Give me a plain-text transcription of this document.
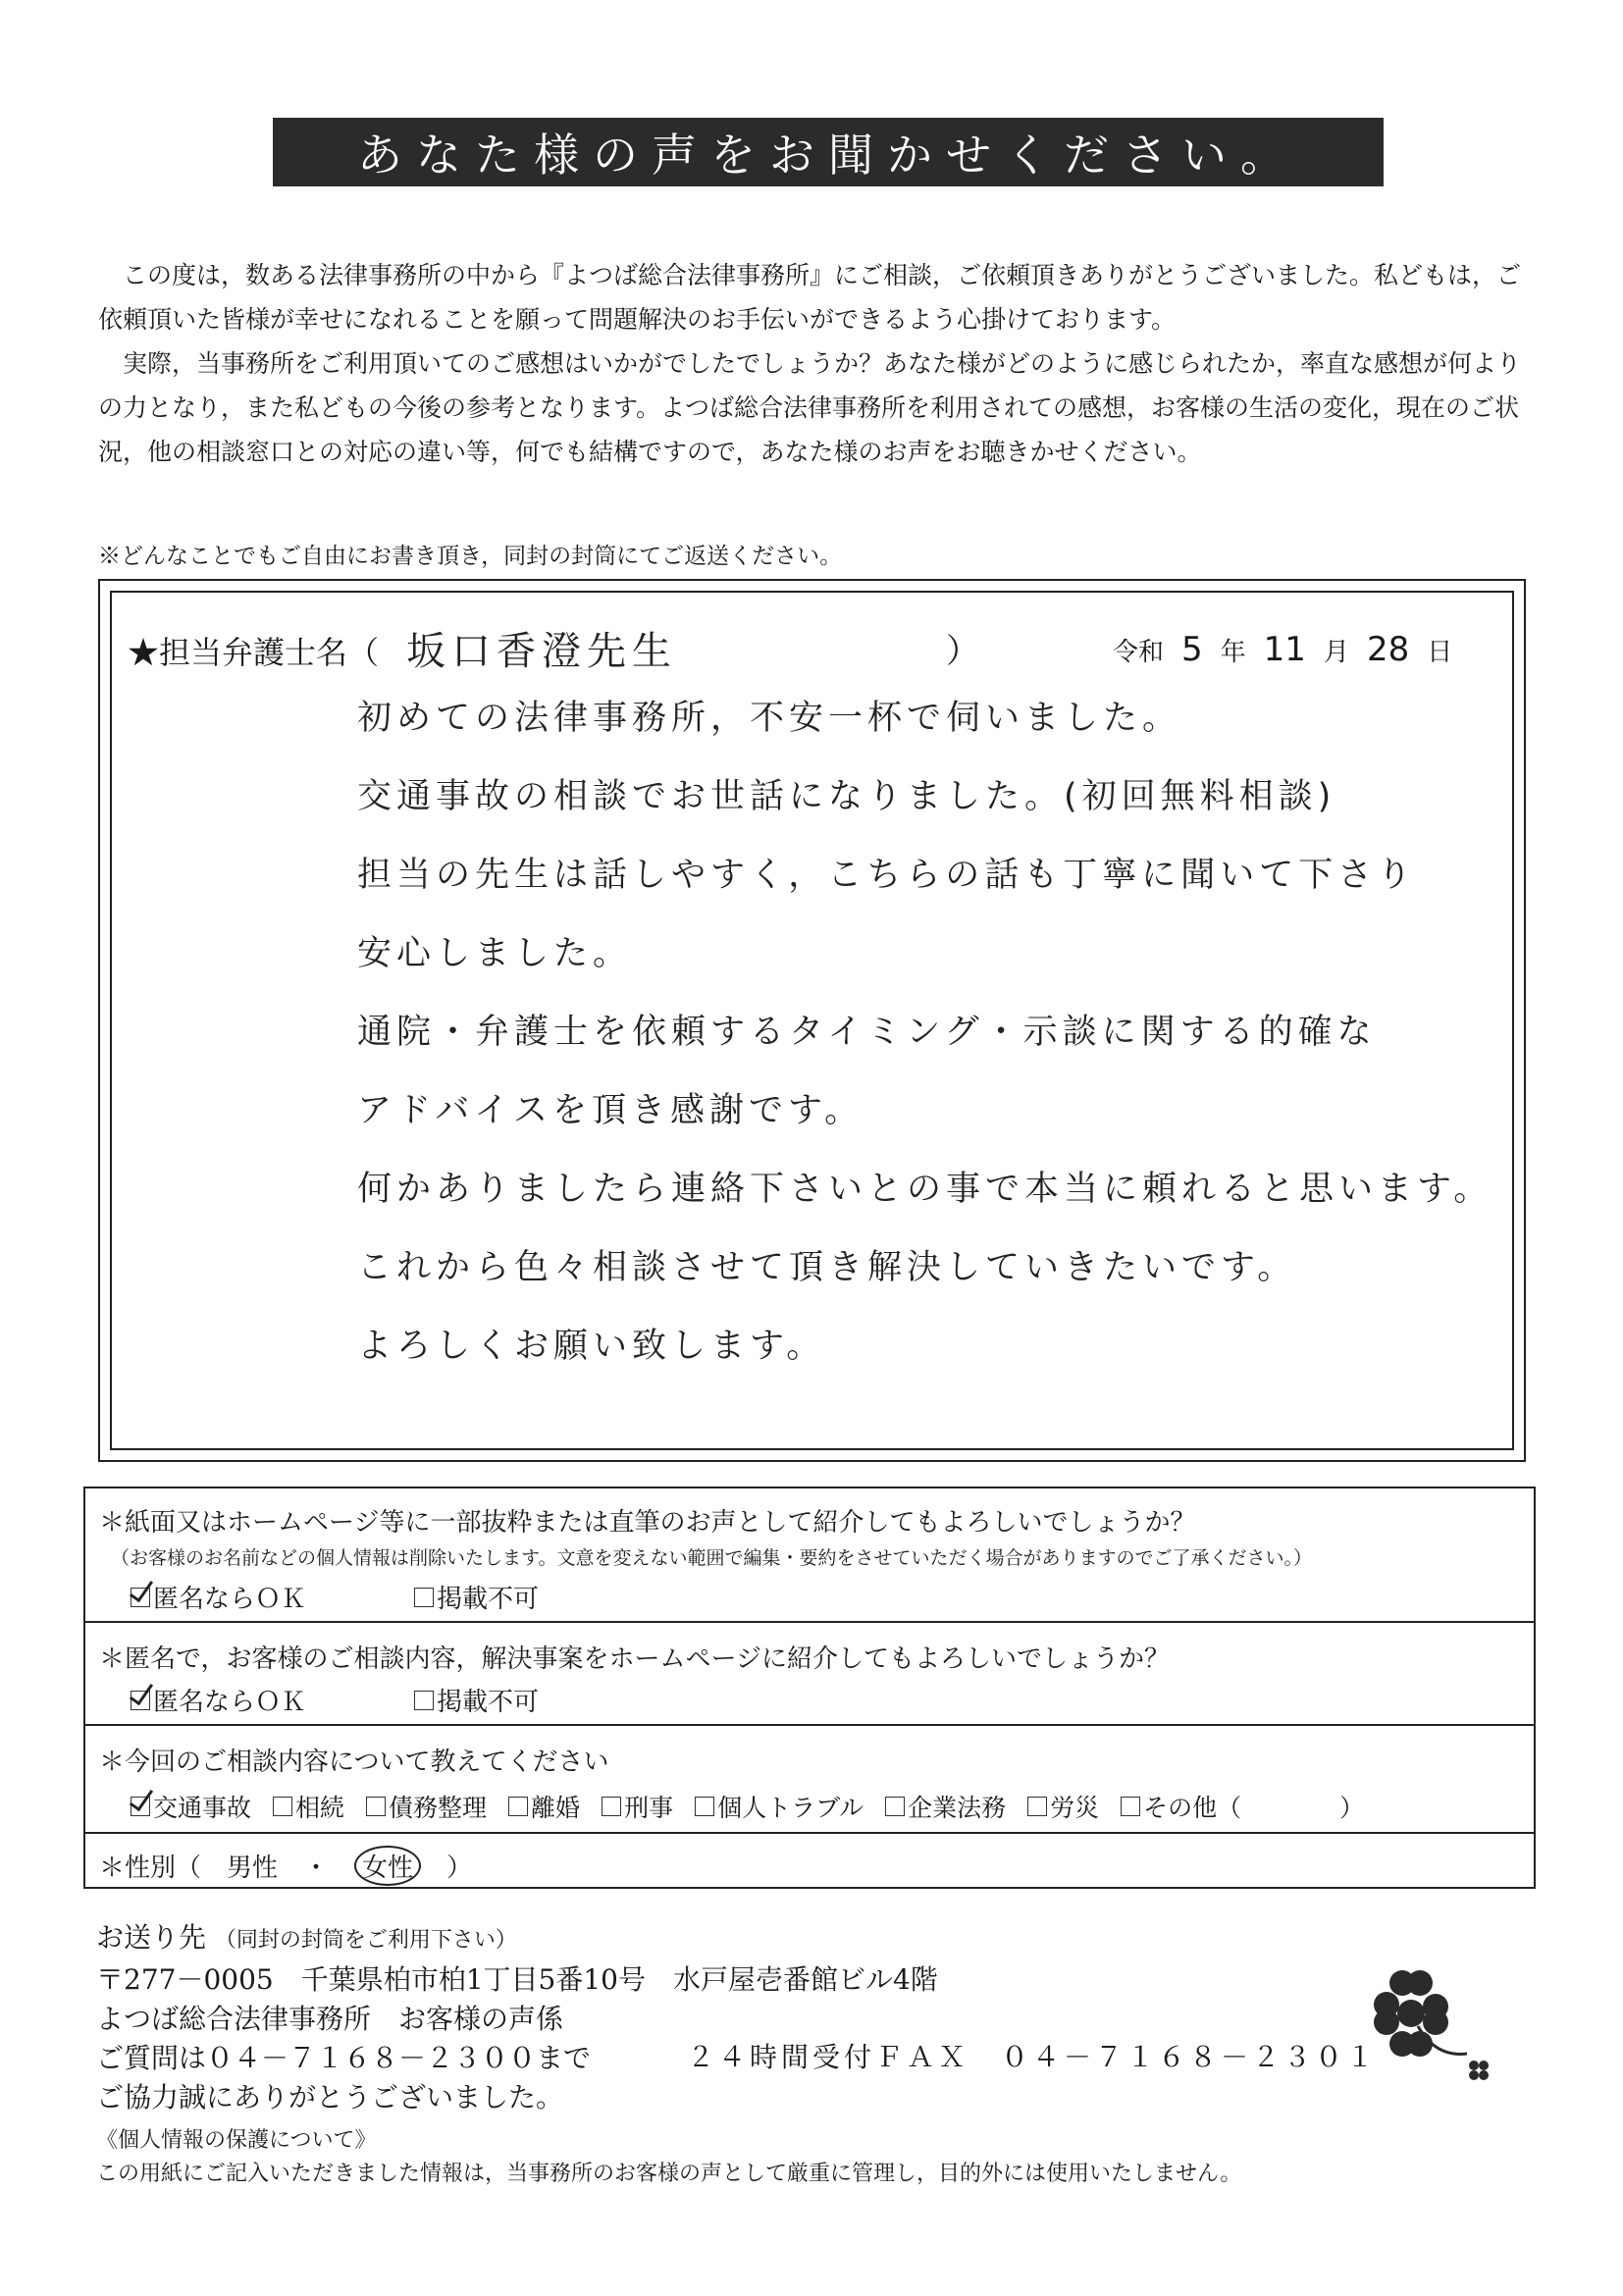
あなた様の声をお聞かせください。

この度は，数ある法律事務所の中から『よつば総合法律事務所』にご相談，ご依頼頂きありがとうございました。私どもは，ご依頼頂いた皆様が幸せになれることを願って問題解決のお手伝いができるよう心掛けております。

実際，当事務所をご利用頂いてのご感想はいかがでしたでしょうか？あなた様がどのように感じられたか，率直な感想が何よりの力となり，また私どもの今後の参考となります。よつば総合法律事務所を利用されての感想，お客様の生活の変化，現在のご状況，他の相談窓口との対応の違い等，何でも結構ですので，あなた様のお声をお聴きかせください。

※どんなことでもご自由にお書き頂き，同封の封筒にてご返送ください。
★担当弁護士名（ 坂口香澄先生	）	令和 5 年 11 月 28 日
初めての法律事務所，不安一杯で伺いました。
交通事故の相談でお世話になりました。(初回無料相談)
担当の先生は話しやすく，こちらの話も丁寧に聞いて下さり
安心しました。
通院・弁護士を依頼するタイミング・示談に関する的確な
アドバイスを頂き感謝です。
何かありましたら連絡下さいとの事で本当に頼れると思います。
これから色々相談させて頂き解決していきたいです。
よろしくお願い致します。
＊紙面又はホームページ等に一部抜粋または直筆のお声として紹介してもよろしいでしょうか？
（お客様のお名前などの個人情報は削除いたします。文意を変えない範囲で編集・要約をさせていただく場合がありますのでご了承ください。）
匿名ならＯＫ	掲載不可
＊匿名で，お客様のご相談内容，解決事案をホームページに紹介してもよろしいでしょうか？
匿名ならＯＫ	掲載不可
＊今回のご相談内容について教えてください
交通事故 相続 債務整理 離婚 刑事 個人トラブル 企業法務 労災 その他（　　　　）
＊性別（ 男性 ・	女性	）
お送り先 （同封の封筒をご利用下さい）
〒277－0005　千葉県柏市柏1丁目5番10号　水戸屋壱番館ビル4階
よつば総合法律事務所　お客様の声係
ご質問は０４－７１６８－２３００まで
ご協力誠にありがとうございました。
２４時間受付ＦＡＸ　０４－７１６８－２３０１
《個人情報の保護について》
この用紙にご記入いただきました情報は，当事務所のお客様の声として厳重に管理し，目的外には使用いたしません。
